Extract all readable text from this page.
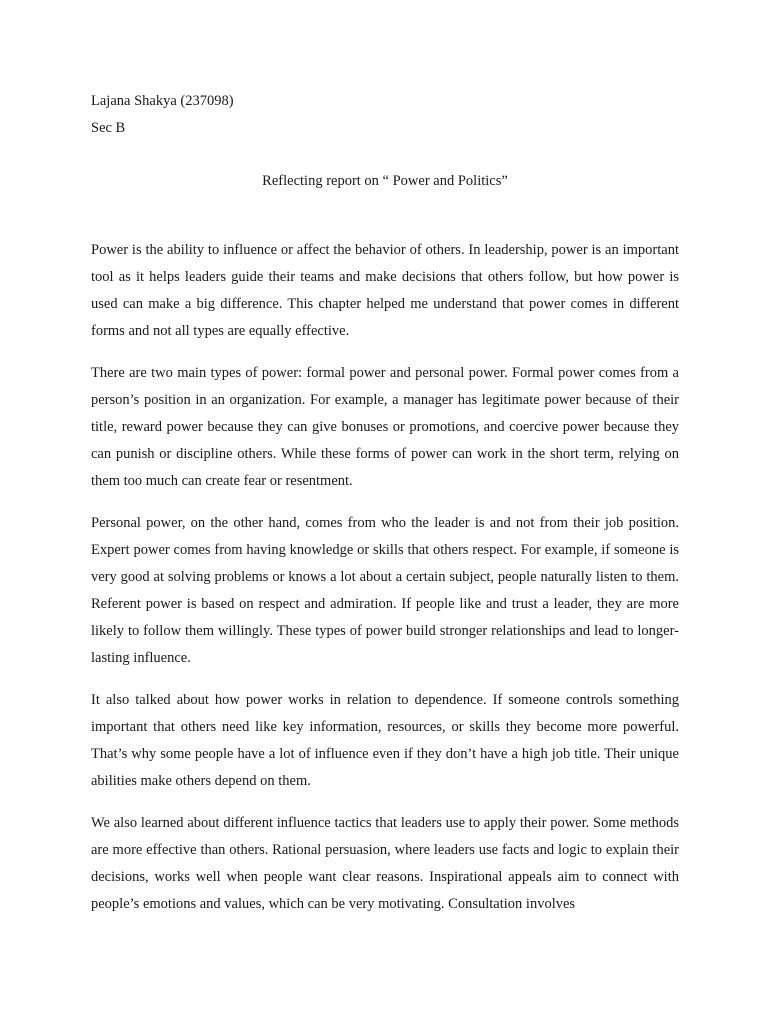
Lajana Shakya (237098)
Sec B
Reflecting report on “ Power and Politics”

Power is the ability to influence or affect the behavior of others. In leadership, power is an important tool as it helps leaders guide their teams and make decisions that others follow, but how power is used can make a big difference. This chapter helped me understand that power comes in different forms and not all types are equally effective.

There are two main types of power: formal power and personal power. Formal power comes from a person’s position in an organization. For example, a manager has legitimate power because of their title, reward power because they can give bonuses or promotions, and coercive power because they can punish or discipline others. While these forms of power can work in the short term, relying on them too much can create fear or resentment.

Personal power, on the other hand, comes from who the leader is and not from their job position. Expert power comes from having knowledge or skills that others respect. For example, if someone is very good at solving problems or knows a lot about a certain subject, people naturally listen to them. Referent power is based on respect and admiration. If people like and trust a leader, they are more likely to follow them willingly. These types of power build stronger relationships and lead to longer-lasting influence.

It also talked about how power works in relation to dependence. If someone controls something important that others need like key information, resources, or skills they become more powerful. That’s why some people have a lot of influence even if they don’t have a high job title. Their unique abilities make others depend on them.

We also learned about different influence tactics that leaders use to apply their power. Some methods are more effective than others. Rational persuasion, where leaders use facts and logic to explain their decisions, works well when people want clear reasons. Inspirational appeals aim to connect with people’s emotions and values, which can be very motivating. Consultation involves
